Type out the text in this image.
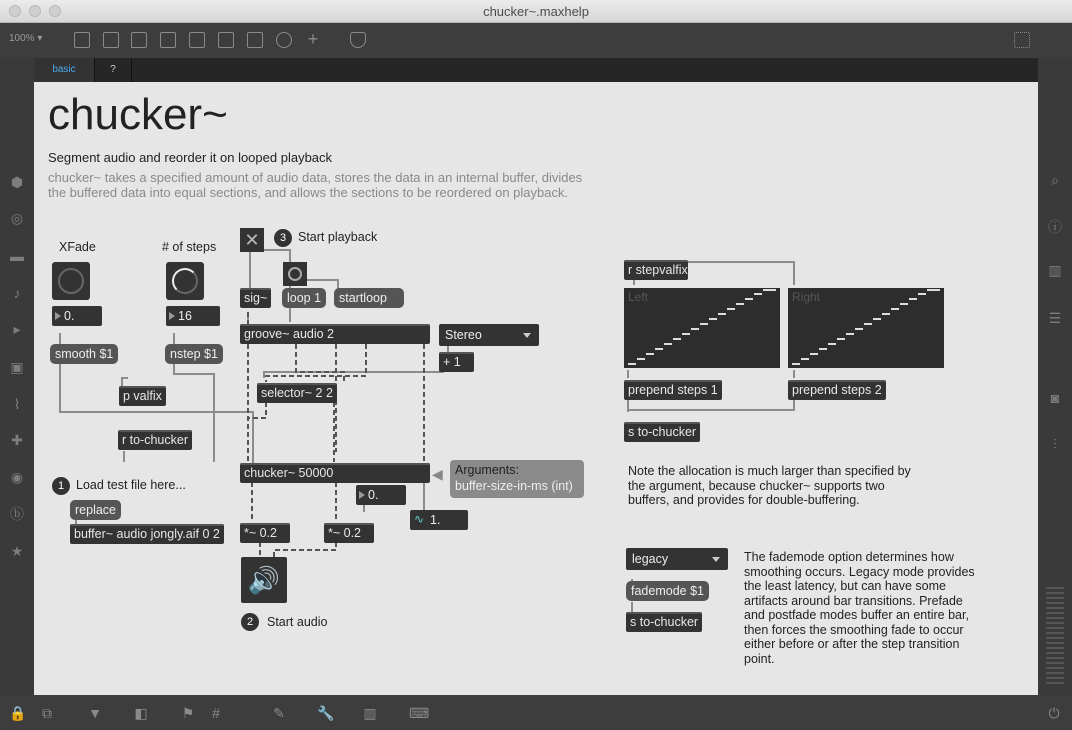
chucker~.maxhelp
100% ▾	+
basic	?
⬢
◎
▬
♪
▸
▣
⌇
✚
◉
ⓑ
★
⌕
ⓘ
▥
☰
◙
⫶
chucker~
Segment audio and reorder it on looped playback
chucker~ takes a specified amount of audio data, stores the data in an internal buffer, divides the buffered data into equal sections, and allows the sections to be reordered on playback.
XFade	# of steps
0.	16
smooth $1	nstep $1
p valfix
r to-chucker
1 Load test file here...
replace
buffer~ audio jongly.aif 0 2
✕	3 Start playback
sig~	loop 1	startloop
groove~ audio 2	Stereo
+ 1
selector~ 2 2
chucker~ 50000	◀ Arguments:
buffer-size-in-ms (int)
0.
∿ 1.
*~ 0.2	*~ 0.2
🔊
2	Start audio
r stepvalfix
Left	Right
prepend steps 1	prepend steps 2
s to-chucker
Note the allocation is much larger than specified by the argument, because chucker~ supports two buffers, and provides for double-buffering.
legacy
fademode $1
s to-chucker
The fademode option determines how smoothing occurs. Legacy mode provides the least latency, but can have some artifacts around bar transitions. Prefade and postfade modes buffer an entire bar, then forces the smoothing fade to occur either before or after the step transition point.
🔒 ⧉	▼ ◧ ⚑ #	✎ 🔧 ▥ ⌨	⏻
